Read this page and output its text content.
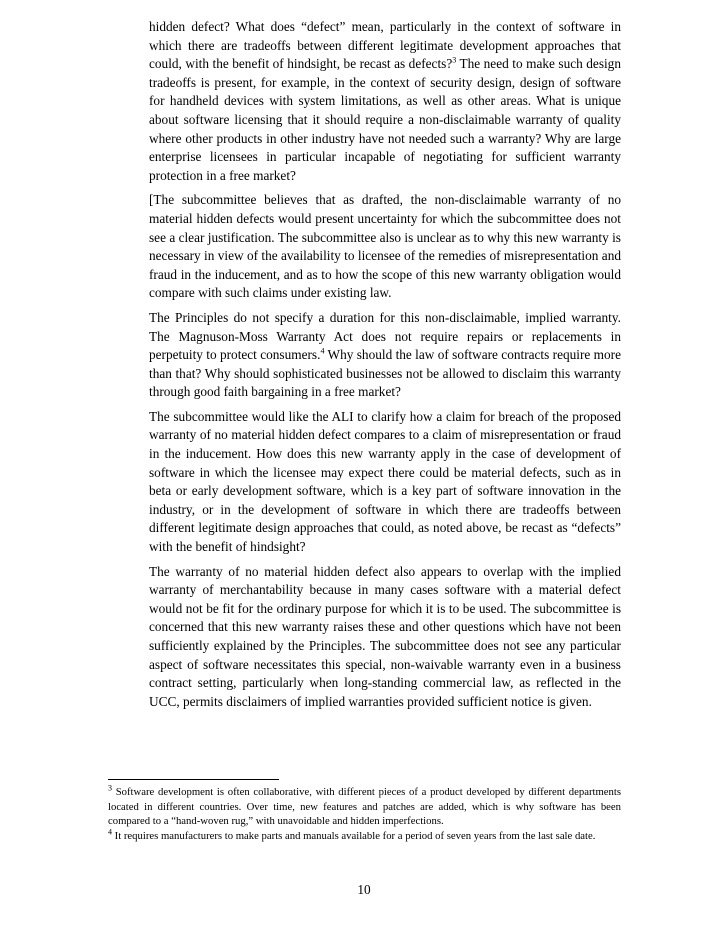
hidden defect? What does “defect” mean, particularly in the context of software in which there are tradeoffs between different legitimate development approaches that could, with the benefit of hindsight, be recast as defects?$^3$ The need to make such design tradeoffs is present, for example, in the context of security design, design of software for handheld devices with system limitations, as well as other areas. What is unique about software licensing that it should require a non-disclaimable warranty of quality where other products in other industry have not needed such a warranty? Why are large enterprise licensees in particular incapable of negotiating for sufficient warranty protection in a free market?

[The subcommittee believes that as drafted, the non-disclaimable warranty of no material hidden defects would present uncertainty for which the subcommittee does not see a clear justification. The subcommittee also is unclear as to why this new warranty is necessary in view of the availability to licensee of the remedies of misrepresentation and fraud in the inducement, and as to how the scope of this new warranty obligation would compare with such claims under existing law.

The Principles do not specify a duration for this non-disclaimable, implied warranty. The Magnuson-Moss Warranty Act does not require repairs or replacements in perpetuity to protect consumers.$^4$ Why should the law of software contracts require more than that? Why should sophisticated businesses not be allowed to disclaim this warranty through good faith bargaining in a free market?

The subcommittee would like the ALI to clarify how a claim for breach of the proposed warranty of no material hidden defect compares to a claim of misrepresentation or fraud in the inducement. How does this new warranty apply in the case of development of software in which the licensee may expect there could be material defects, such as in beta or early development software, which is a key part of software innovation in the industry, or in the development of software in which there are tradeoffs between different legitimate design approaches that could, as noted above, be recast as “defects” with the benefit of hindsight?

The warranty of no material hidden defect also appears to overlap with the implied warranty of merchantability because in many cases software with a material defect would not be fit for the ordinary purpose for which it is to be used. The subcommittee is concerned that this new warranty raises these and other questions which have not been sufficiently explained by the Principles. The subcommittee does not see any particular aspect of software necessitates this special, non-waivable warranty even in a business contract setting, particularly when long-standing commercial law, as reflected in the UCC, permits disclaimers of implied warranties provided sufficient notice is given.

$^3$ Software development is often collaborative, with different pieces of a product developed by different departments located in different countries. Over time, new features and patches are added, which is why software has been compared to a “hand-woven rug,” with unavoidable and hidden imperfections.

$^4$ It requires manufacturers to make parts and manuals available for a period of seven years from the last sale date.

10
